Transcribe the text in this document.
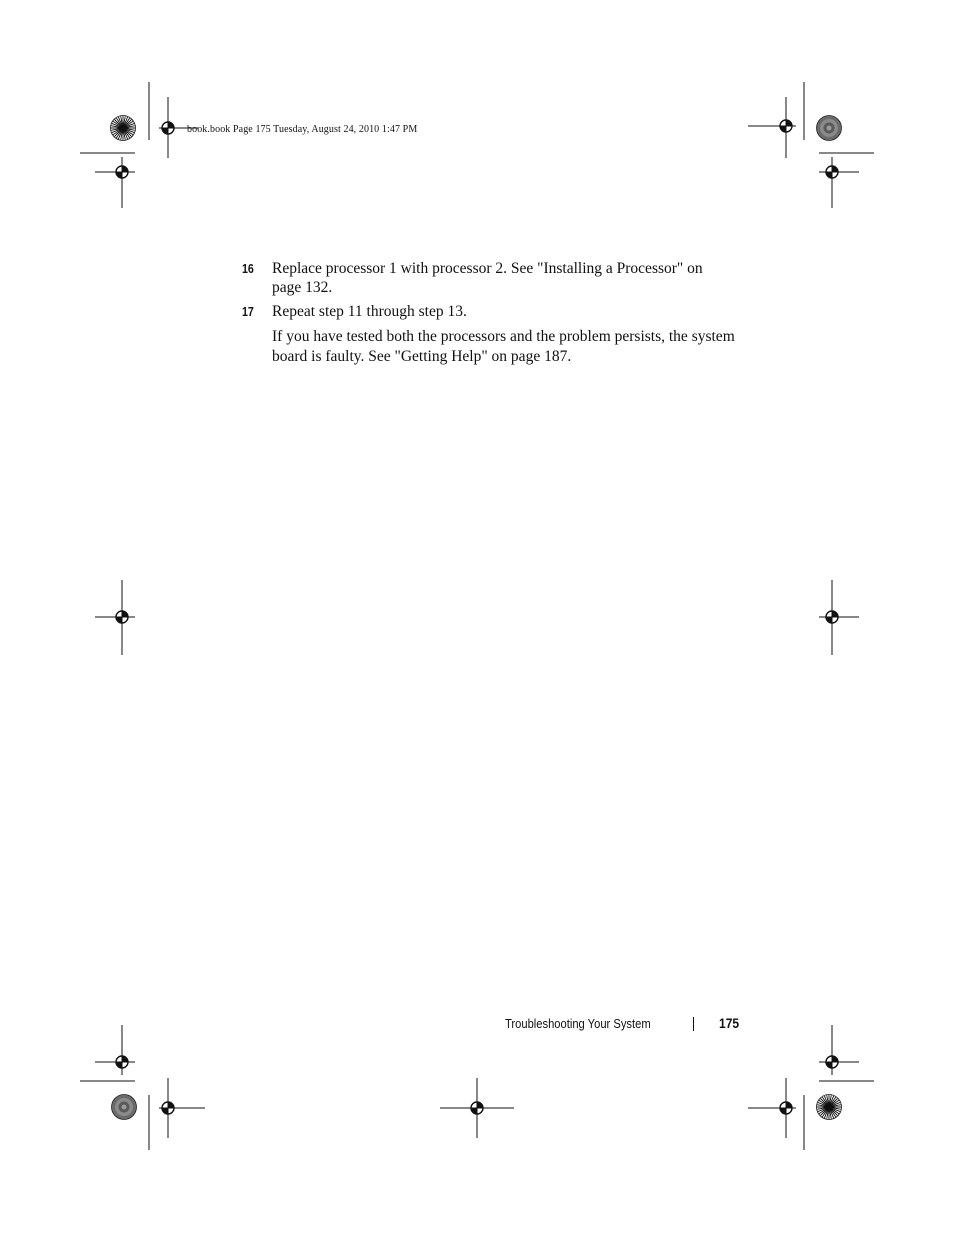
book.book Page 175 Tuesday, August 24, 2010 1:47 PM
16 Replace processor 1 with processor 2. See "Installing a Processor" on
page 132.
17 Repeat step 11 through step 13.
If you have tested both the processors and the problem persists, the system
board is faulty. See "Getting Help" on page 187.
Troubleshooting Your System	175
